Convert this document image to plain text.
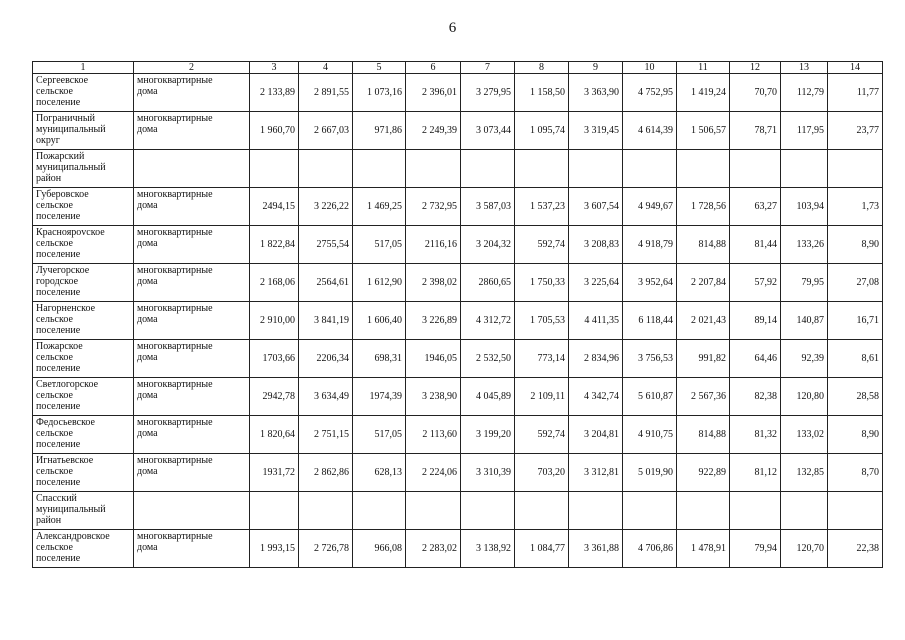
6
1	2	3	4	5	6	7	8	9	10	11	12	13	14

Сергеевское
сельское
поселение	многоквартирные
дома	2 133,89	2 891,55	1 073,16	2 396,01	3 279,95	1 158,50	3 363,90	4 752,95	1 419,24	70,70	112,79	11,77

Пограничный
муниципальный
округ	многоквартирные
дома	1 960,70	2 667,03	971,86	2 249,39	3 073,44	1 095,74	3 319,45	4 614,39	1 506,57	78,71	117,95	23,77

Пожарский
муниципальный
район													

Губеровское
сельское
поселение	многоквартирные
дома	2494,15	3 226,22	1 469,25	2 732,95	3 587,03	1 537,23	3 607,54	4 949,67	1 728,56	63,27	103,94	1,73

Красноярovское
сельское
поселение	многоквартирные
дома	1 822,84	2755,54	517,05	2116,16	3 204,32	592,74	3 208,83	4 918,79	814,88	81,44	133,26	8,90

Лучегорское
городское
поселение	многоквартирные
дома	2 168,06	2564,61	1 612,90	2 398,02	2860,65	1 750,33	3 225,64	3 952,64	2 207,84	57,92	79,95	27,08

Нагорненское
сельское
поселение	многоквартирные
дома	2 910,00	3 841,19	1 606,40	3 226,89	4 312,72	1 705,53	4 411,35	6 118,44	2 021,43	89,14	140,87	16,71

Пожарское
сельское
поселение	многоквартирные
дома	1703,66	2206,34	698,31	1946,05	2 532,50	773,14	2 834,96	3 756,53	991,82	64,46	92,39	8,61

Светлогорское
сельское
поселение	многоквартирные
дома	2942,78	3 634,49	1974,39	3 238,90	4 045,89	2 109,11	4 342,74	5 610,87	2 567,36	82,38	120,80	28,58

Федосьевское
сельское
поселение	многоквартирные
дома	1 820,64	2 751,15	517,05	2 113,60	3 199,20	592,74	3 204,81	4 910,75	814,88	81,32	133,02	8,90

Игнатьевское
сельское
поселение	многоквартирные
дома	1931,72	2 862,86	628,13	2 224,06	3 310,39	703,20	3 312,81	5 019,90	922,89	81,12	132,85	8,70

Спасский
муниципальный
район													

Александровское
сельское
поселение	многоквартирные
дома	1 993,15	2 726,78	966,08	2 283,02	3 138,92	1 084,77	3 361,88	4 706,86	1 478,91	79,94	120,70	22,38
